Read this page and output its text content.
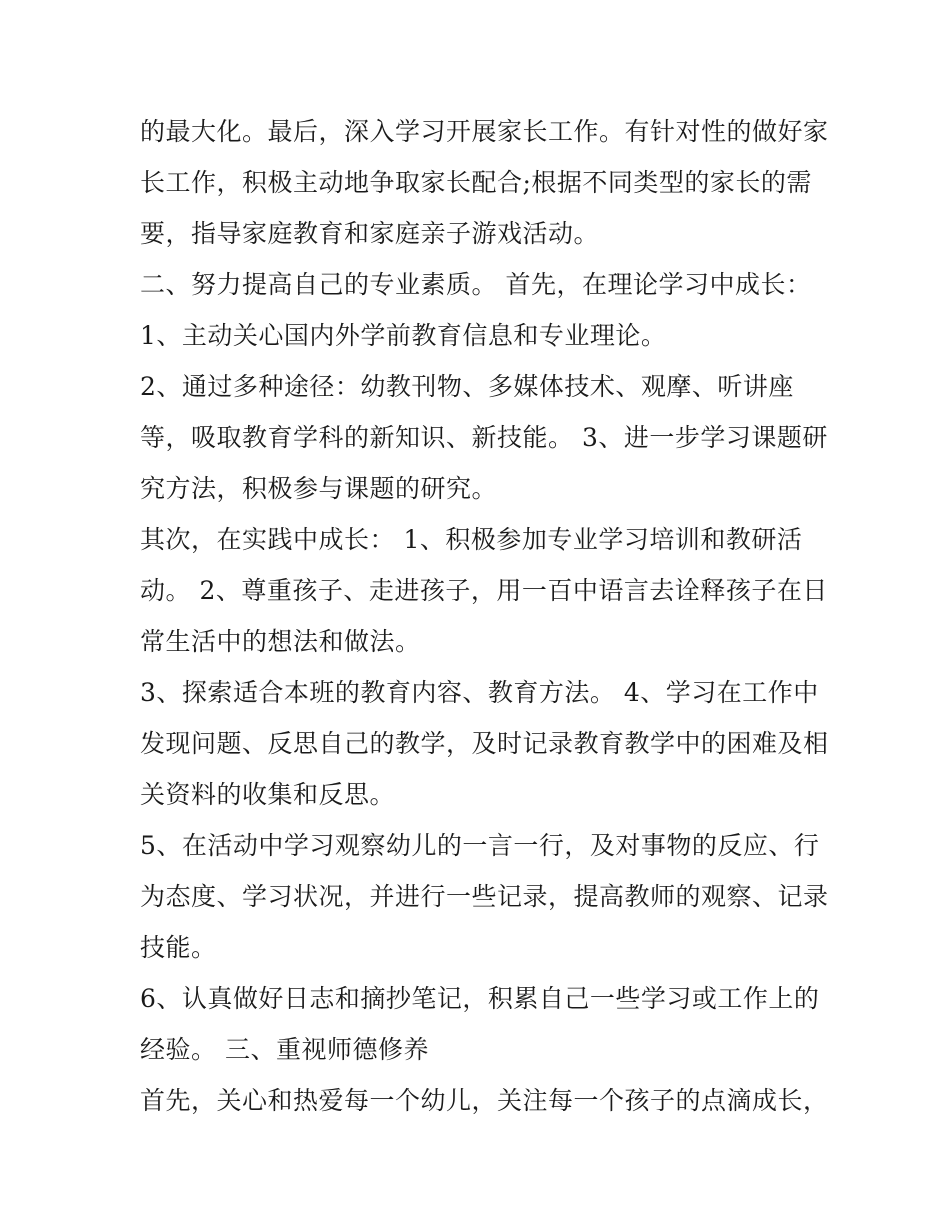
的最大化。最后，深入学习开展家长工作。有针对性的做好家
长工作，积极主动地争取家长配合;根据不同类型的家长的需
要，指导家庭教育和家庭亲子游戏活动。
二、努力提高自己的专业素质。 首先，在理论学习中成长：
1、主动关心国内外学前教育信息和专业理论。
2、通过多种途径：幼教刊物、多媒体技术、观摩、听讲座
等，吸取教育学科的新知识、新技能。 3、进一步学习课题研
究方法，积极参与课题的研究。
其次，在实践中成长： 1、积极参加专业学习培训和教研活
动。 2、尊重孩子、走进孩子，用一百中语言去诠释孩子在日
常生活中的想法和做法。
3、探索适合本班的教育内容、教育方法。 4、学习在工作中
发现问题、反思自己的教学，及时记录教育教学中的困难及相
关资料的收集和反思。
5、在活动中学习观察幼儿的一言一行，及对事物的反应、行
为态度、学习状况，并进行一些记录，提高教师的观察、记录
技能。
6、认真做好日志和摘抄笔记，积累自己一些学习或工作上的
经验。 三、重视师德修养
首先，关心和热爱每一个幼儿，关注每一个孩子的点滴成长，
